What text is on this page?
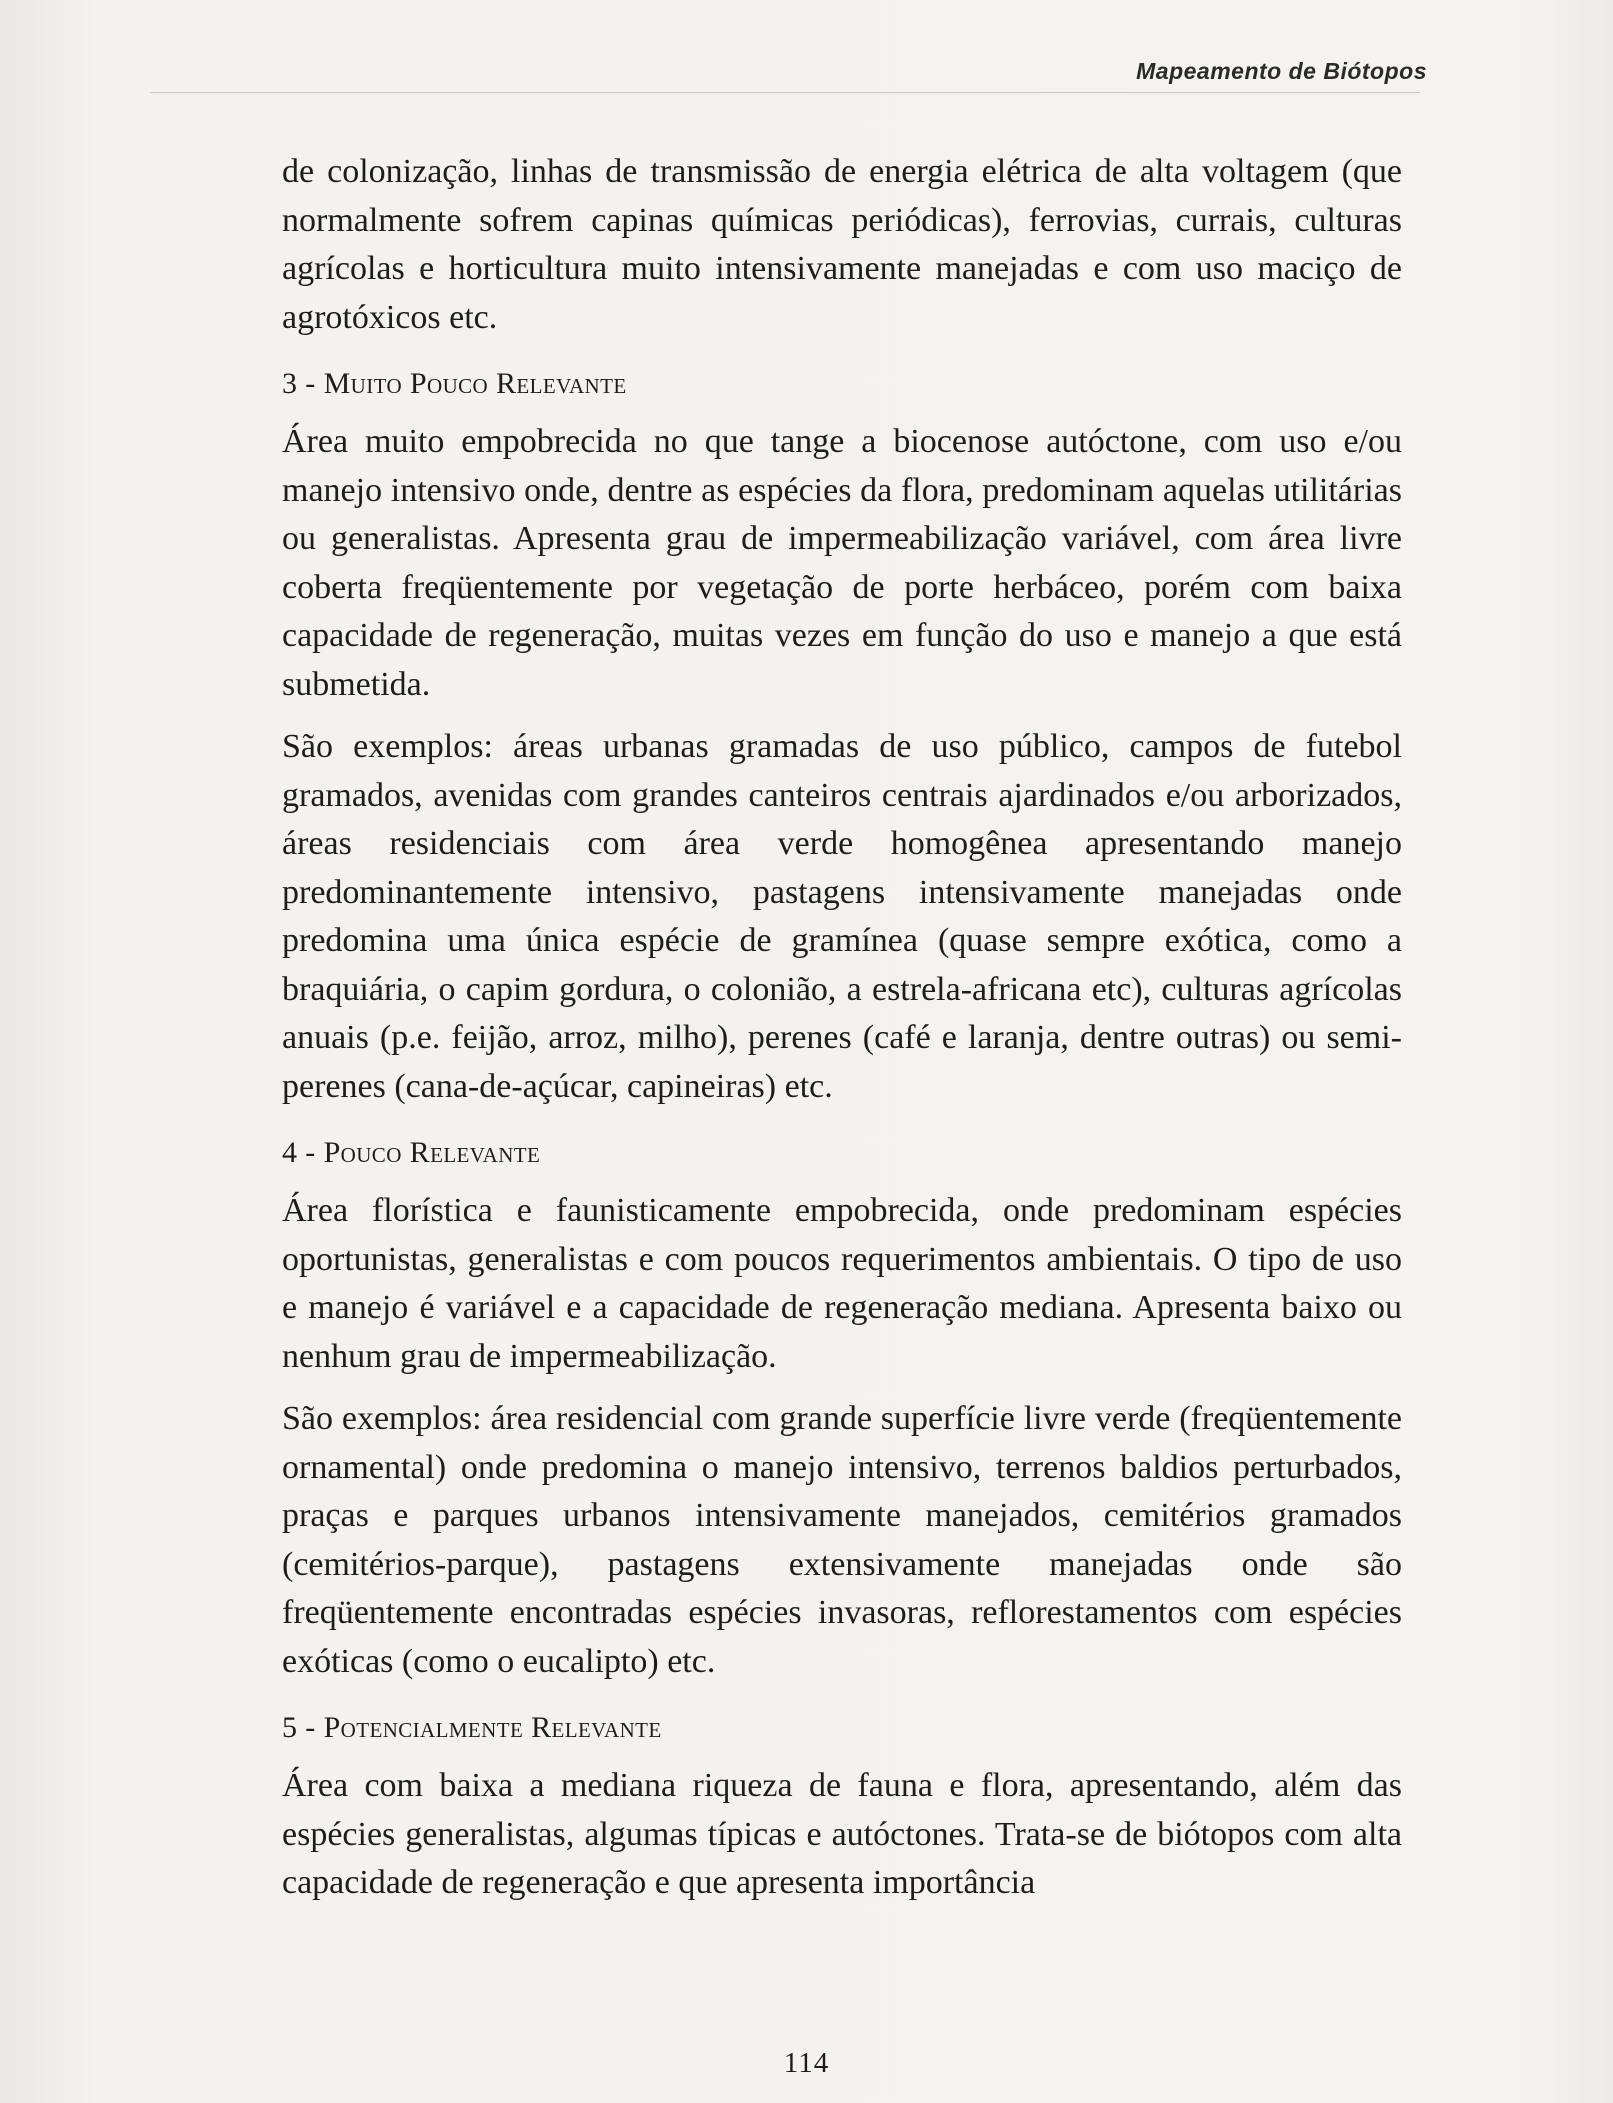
Mapeamento de Biótopos

de colonização, linhas de transmissão de energia elétrica de alta voltagem (que normalmente sofrem capinas químicas periódicas), ferrovias, currais, culturas agrícolas e horticultura muito intensivamente manejadas e com uso maciço de agrotóxicos etc.

3 - Muito Pouco Relevante

Área muito empobrecida no que tange a biocenose autóctone, com uso e/ou manejo intensivo onde, dentre as espécies da flora, predominam aquelas utilitárias ou generalistas. Apresenta grau de impermeabilização variável, com área livre coberta freqüentemente por vegetação de porte herbáceo, porém com baixa capacidade de regeneração, muitas vezes em função do uso e manejo a que está submetida.

São exemplos: áreas urbanas gramadas de uso público, campos de futebol gramados, avenidas com grandes canteiros centrais ajardinados e/ou arborizados, áreas residenciais com área verde homogênea apresentando manejo predominantemente intensivo, pastagens intensivamente manejadas onde predomina uma única espécie de gramínea (quase sempre exótica, como a braquiária, o capim gordura, o colonião, a estrela-africana etc), culturas agrícolas anuais (p.e. feijão, arroz, milho), perenes (café e laranja, dentre outras) ou semi-perenes (cana-de-açúcar, capineiras) etc.

4 - Pouco Relevante

Área florística e faunisticamente empobrecida, onde predominam espécies oportunistas, generalistas e com poucos requerimentos ambientais. O tipo de uso e manejo é variável e a capacidade de regeneração mediana. Apresenta baixo ou nenhum grau de impermeabilização.

São exemplos: área residencial com grande superfície livre verde (freqüentemente ornamental) onde predomina o manejo intensivo, terrenos baldios perturbados, praças e parques urbanos intensivamente manejados, cemitérios gramados (cemitérios-parque), pastagens extensivamente manejadas onde são freqüentemente encontradas espécies invasoras, reflorestamentos com espécies exóticas (como o eucalipto) etc.

5 - Potencialmente Relevante

Área com baixa a mediana riqueza de fauna e flora, apresentando, além das espécies generalistas, algumas típicas e autóctones. Trata-se de biótopos com alta capacidade de regeneração e que apresenta importância

114
